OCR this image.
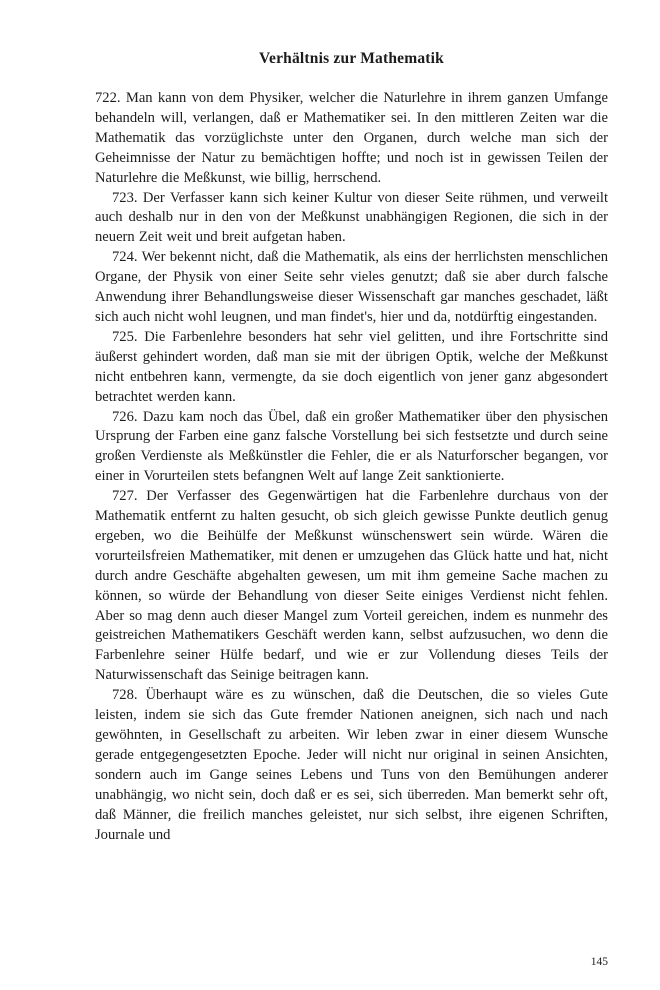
Verhältnis zur Mathematik

722. Man kann von dem Physiker, welcher die Naturlehre in ihrem ganzen Umfange behandeln will, verlangen, daß er Mathematiker sei. In den mittleren Zeiten war die Mathematik das vorzüglichste unter den Organen, durch welche man sich der Geheimnisse der Natur zu bemächtigen hoffte; und noch ist in gewissen Teilen der Naturlehre die Meßkunst, wie billig, herrschend.

723. Der Verfasser kann sich keiner Kultur von dieser Seite rühmen, und verweilt auch deshalb nur in den von der Meßkunst unabhängigen Regionen, die sich in der neuern Zeit weit und breit aufgetan haben.

724. Wer bekennt nicht, daß die Mathematik, als eins der herrlichsten menschlichen Organe, der Physik von einer Seite sehr vieles genutzt; daß sie aber durch falsche Anwendung ihrer Behandlungsweise dieser Wissenschaft gar manches geschadet, läßt sich auch nicht wohl leugnen, und man findet's, hier und da, notdürftig eingestanden.

725. Die Farbenlehre besonders hat sehr viel gelitten, und ihre Fortschritte sind äußerst gehindert worden, daß man sie mit der übrigen Optik, welche der Meßkunst nicht entbehren kann, vermengte, da sie doch eigentlich von jener ganz abgesondert betrachtet werden kann.

726. Dazu kam noch das Übel, daß ein großer Mathematiker über den physischen Ursprung der Farben eine ganz falsche Vorstellung bei sich festsetzte und durch seine großen Verdienste als Meßkünstler die Fehler, die er als Naturforscher begangen, vor einer in Vorurteilen stets befangnen Welt auf lange Zeit sanktionierte.

727. Der Verfasser des Gegenwärtigen hat die Farbenlehre durchaus von der Mathematik entfernt zu halten gesucht, ob sich gleich gewisse Punkte deutlich genug ergeben, wo die Beihülfe der Meßkunst wünschenswert sein würde. Wären die vorurteilsfreien Mathematiker, mit denen er umzugehen das Glück hatte und hat, nicht durch andre Geschäfte abgehalten gewesen, um mit ihm gemeine Sache machen zu können, so würde der Behandlung von dieser Seite einiges Verdienst nicht fehlen. Aber so mag denn auch dieser Mangel zum Vorteil gereichen, indem es nunmehr des geistreichen Mathematikers Geschäft werden kann, selbst aufzusuchen, wo denn die Farbenlehre seiner Hülfe bedarf, und wie er zur Vollendung dieses Teils der Naturwissenschaft das Seinige beitragen kann.

728. Überhaupt wäre es zu wünschen, daß die Deutschen, die so vieles Gute leisten, indem sie sich das Gute fremder Nationen aneignen, sich nach und nach gewöhnten, in Gesellschaft zu arbeiten. Wir leben zwar in einer diesem Wunsche gerade entgegengesetzten Epoche. Jeder will nicht nur original in seinen Ansichten, sondern auch im Gange seines Lebens und Tuns von den Bemühungen anderer unabhängig, wo nicht sein, doch daß er es sei, sich überreden. Man bemerkt sehr oft, daß Männer, die freilich manches geleistet, nur sich selbst, ihre eigenen Schriften, Journale und

145
